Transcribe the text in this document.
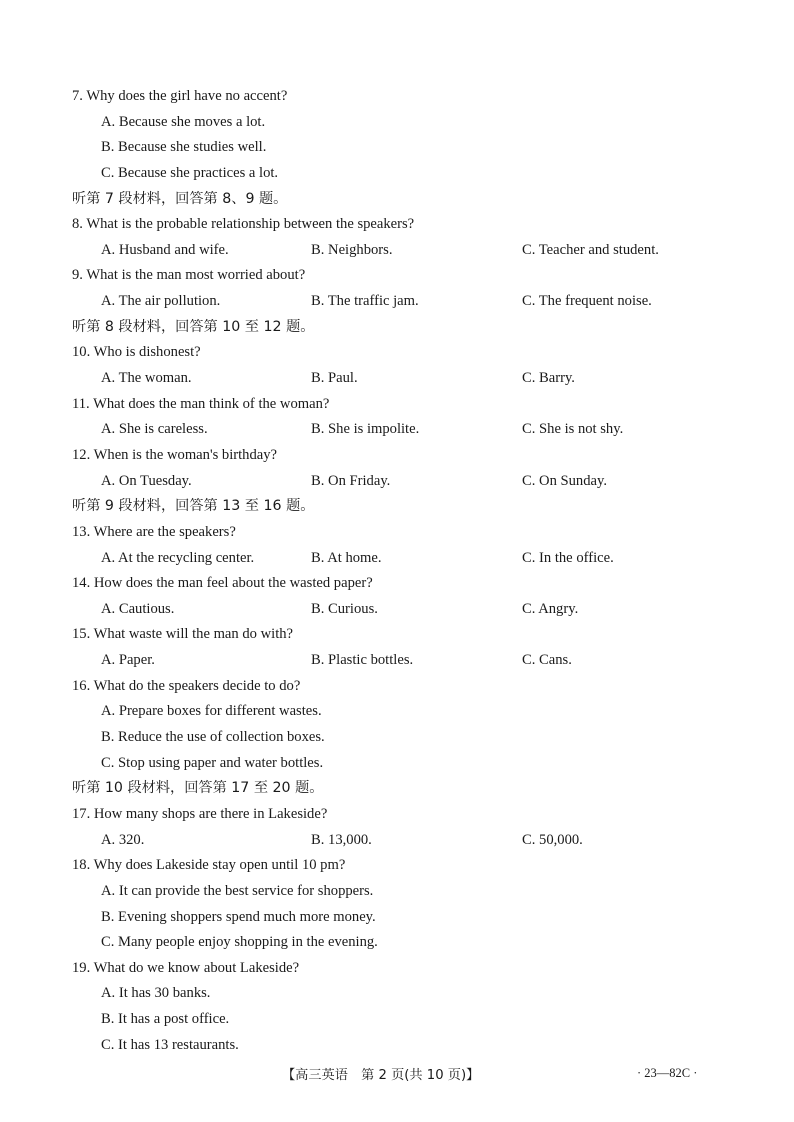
7. Why does the girl have no accent?
A. Because she moves a lot.
B. Because she studies well.
C. Because she practices a lot.
听第 7 段材料，回答第 8、9 题。
8. What is the probable relationship between the speakers?
A. Husband and wife.	B. Neighbors.	C. Teacher and student.
9. What is the man most worried about?
A. The air pollution.	B. The traffic jam.	C. The frequent noise.
听第 8 段材料，回答第 10 至 12 题。
10. Who is dishonest?
A. The woman.	B. Paul.	C. Barry.
11. What does the man think of the woman?
A. She is careless.	B. She is impolite.	C. She is not shy.
12. When is the woman's birthday?
A. On Tuesday.	B. On Friday.	C. On Sunday.
听第 9 段材料，回答第 13 至 16 题。
13. Where are the speakers?
A. At the recycling center.	B. At home.	C. In the office.
14. How does the man feel about the wasted paper?
A. Cautious.	B. Curious.	C. Angry.
15. What waste will the man do with?
A. Paper.	B. Plastic bottles.	C. Cans.
16. What do the speakers decide to do?
A. Prepare boxes for different wastes.
B. Reduce the use of collection boxes.
C. Stop using paper and water bottles.
听第 10 段材料，回答第 17 至 20 题。
17. How many shops are there in Lakeside?
A. 320.	B. 13,000.	C. 50,000.
18. Why does Lakeside stay open until 10 pm?
A. It can provide the best service for shoppers.
B. Evening shoppers spend much more money.
C. Many people enjoy shopping in the evening.
19. What do we know about Lakeside?
A. It has 30 banks.
B. It has a post office.
C. It has 13 restaurants.
【高三英语　第 2 页(共 10 页)】	· 23—82C ·
